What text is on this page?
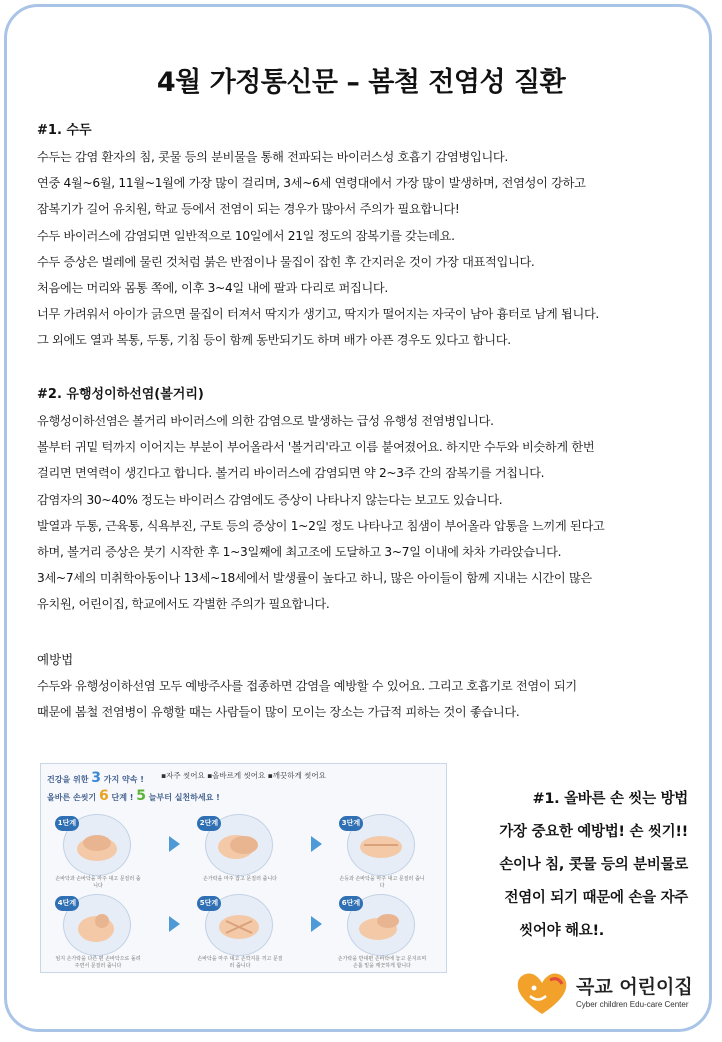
4월 가정통신문 – 봄철 전염성 질환
#1. 수두
수두는 감염 환자의 침, 콧물 등의 분비물을 통해 전파되는 바이러스성 호흡기 감염병입니다.
연중 4월~6월, 11월~1월에 가장 많이 걸리며, 3세~6세 연령대에서 가장 많이 발생하며, 전염성이 강하고
잠복기가 길어 유치원, 학교 등에서 전염이 되는 경우가 많아서 주의가 필요합니다!
수두 바이러스에 감염되면 일반적으로 10일에서 21일 정도의 잠복기를 갖는데요.
수두 증상은 벌레에 물린 것처럼 붉은 반점이나 물집이 잡힌 후 간지러운 것이 가장 대표적입니다.
처음에는 머리와 몸통 쪽에, 이후 3~4일 내에 팔과 다리로 퍼집니다.
너무 가려워서 아이가 긁으면 물집이 터져서 딱지가 생기고, 딱지가 떨어지는 자국이 남아 흉터로 남게 됩니다.
그 외에도 열과 복통, 두통, 기침 등이 함께 동반되기도 하며 배가 아픈 경우도 있다고 합니다.
#2. 유행성이하선염(볼거리)
유행성이하선염은 볼거리 바이러스에 의한 감염으로 발생하는 급성 유행성 전염병입니다.
볼부터 귀밑 턱까지 이어지는 부분이 부어올라서 '볼거리'라고 이름 붙여졌어요. 하지만 수두와 비슷하게 한번
걸리면 면역력이 생긴다고 합니다. 볼거리 바이러스에 감염되면 약 2~3주 간의 잠복기를 거칩니다.
감염자의 30~40% 정도는 바이러스 감염에도 증상이 나타나지 않는다는 보고도 있습니다.
발열과 두통, 근육통, 식욕부진, 구토 등의 증상이 1~2일 정도 나타나고 침샘이 부어올라 압통을 느끼게 된다고
하며, 볼거리 증상은 붓기 시작한 후 1~3일째에 최고조에 도달하고 3~7일 이내에 차차 가라앉습니다.
3세~7세의 미취학아동이나 13세~18세에서 발생률이 높다고 하니, 많은 아이들이 함께 지내는 시간이 많은
유치원, 어린이집, 학교에서도 각별한 주의가 필요합니다.
예방법
수두와 유행성이하선염 모두 예방주사를 접종하면 감염을 예방할 수 있어요. 그리고 호흡기로 전염이 되기
때문에 봄철 전염병이 유행할 때는 사람들이 많이 모이는 장소는 가급적 피하는 것이 좋습니다.
건강을 위한 3 가지 약속 !
올바른 손씻기 6 단계 ! 5 늘부터 실천하세요 !
▪자주 씻어요 ▪올바르게 씻어요 ▪깨끗하게 씻어요
1단계
손바닥과 손바닥을 마주 대고 문질러 줍니다
2단계
손가락을 마주 잡고 문질러 줍니다
3단계
손등과 손바닥을 마주 대고 문질러 줍니다
4단계
엄지 손가락을 다른 편 손바닥으로 돌려주면서 문질러 줍니다
5단계
손바닥을 마주 대고 손깍지를 끼고 문질러 줍니다
6단계
손가락을 반대편 손바닥에 놓고 문지르며 손톱 밑을 깨끗하게 합니다
#1. 올바른 손 씻는 방법
가장 중요한 예방법! 손 씻기!!
손이나 침, 콧물 등의 분비물로
전염이 되기 때문에 손을 자주
씻어야 해요!.
곡교 어린이집
Cyber children Edu-care Center
